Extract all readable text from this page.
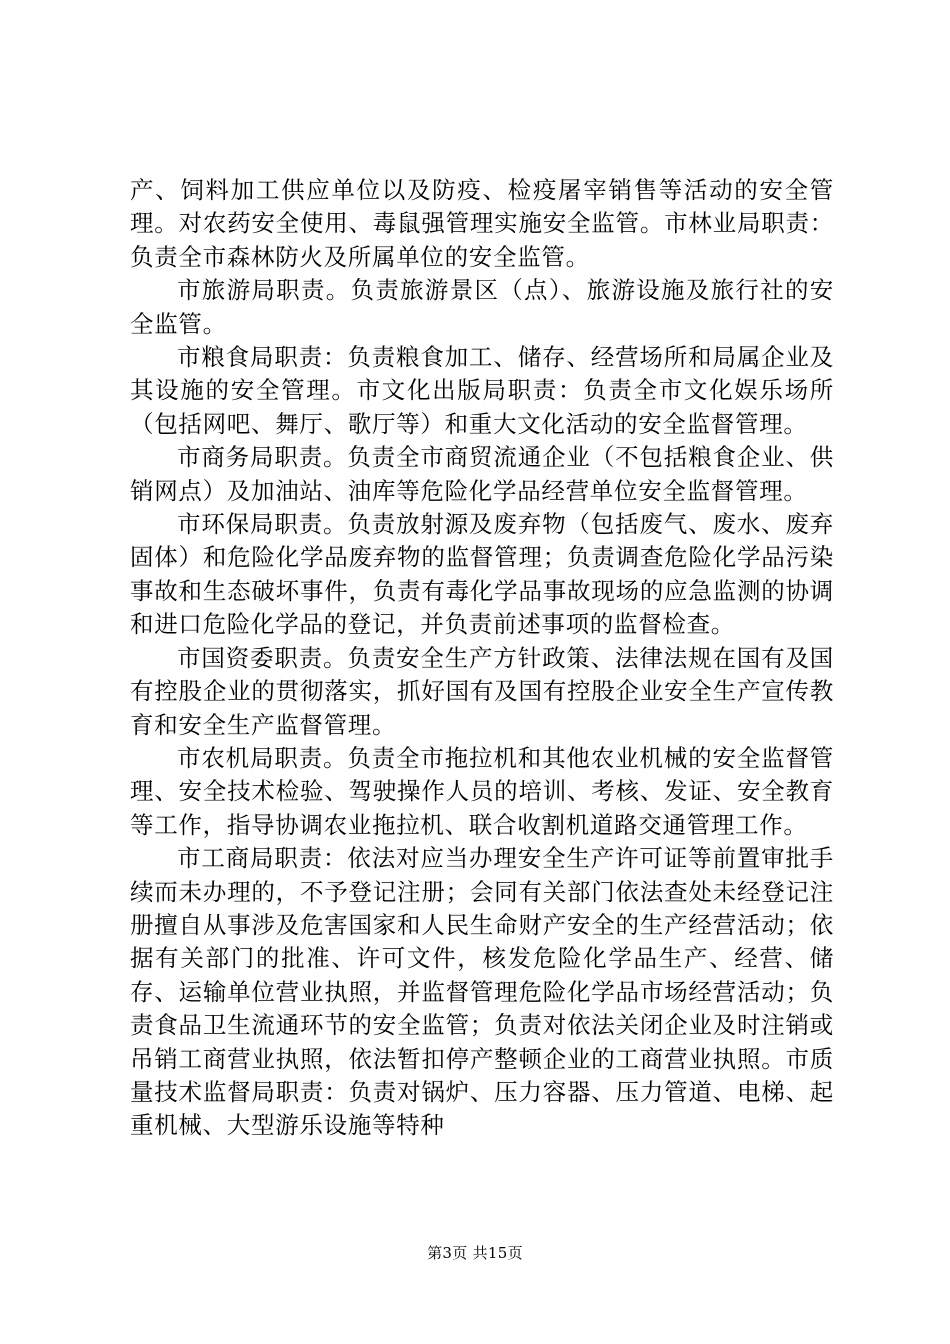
产、饲料加工供应单位以及防疫、检疫屠宰销售等活动的安全管理。对农药安全使用、毒鼠强管理实施安全监管。市林业局职责：负责全市森林防火及所属单位的安全监管。

市旅游局职责。负责旅游景区（点）、旅游设施及旅行社的安全监管。

市粮食局职责：负责粮食加工、储存、经营场所和局属企业及其设施的安全管理。市文化出版局职责：负责全市文化娱乐场所（包括网吧、舞厅、歌厅等）和重大文化活动的安全监督管理。

市商务局职责。负责全市商贸流通企业（不包括粮食企业、供销网点）及加油站、油库等危险化学品经营单位安全监督管理。

市环保局职责。负责放射源及废弃物（包括废气、废水、废弃固体）和危险化学品废弃物的监督管理；负责调查危险化学品污染事故和生态破坏事件，负责有毒化学品事故现场的应急监测的协调和进口危险化学品的登记，并负责前述事项的监督检查。

市国资委职责。负责安全生产方针政策、法律法规在国有及国有控股企业的贯彻落实，抓好国有及国有控股企业安全生产宣传教育和安全生产监督管理。

市农机局职责。负责全市拖拉机和其他农业机械的安全监督管理、安全技术检验、驾驶操作人员的培训、考核、发证、安全教育等工作，指导协调农业拖拉机、联合收割机道路交通管理工作。

市工商局职责：依法对应当办理安全生产许可证等前置审批手续而未办理的，不予登记注册；会同有关部门依法查处未经登记注册擅自从事涉及危害国家和人民生命财产安全的生产经营活动；依据有关部门的批准、许可文件，核发危险化学品生产、经营、储存、运输单位营业执照，并监督管理危险化学品市场经营活动；负责食品卫生流通环节的安全监管；负责对依法关闭企业及时注销或吊销工商营业执照，依法暂扣停产整顿企业的工商营业执照。市质量技术监督局职责：负责对锅炉、压力容器、压力管道、电梯、起重机械、大型游乐设施等特种

第3页 共15页
